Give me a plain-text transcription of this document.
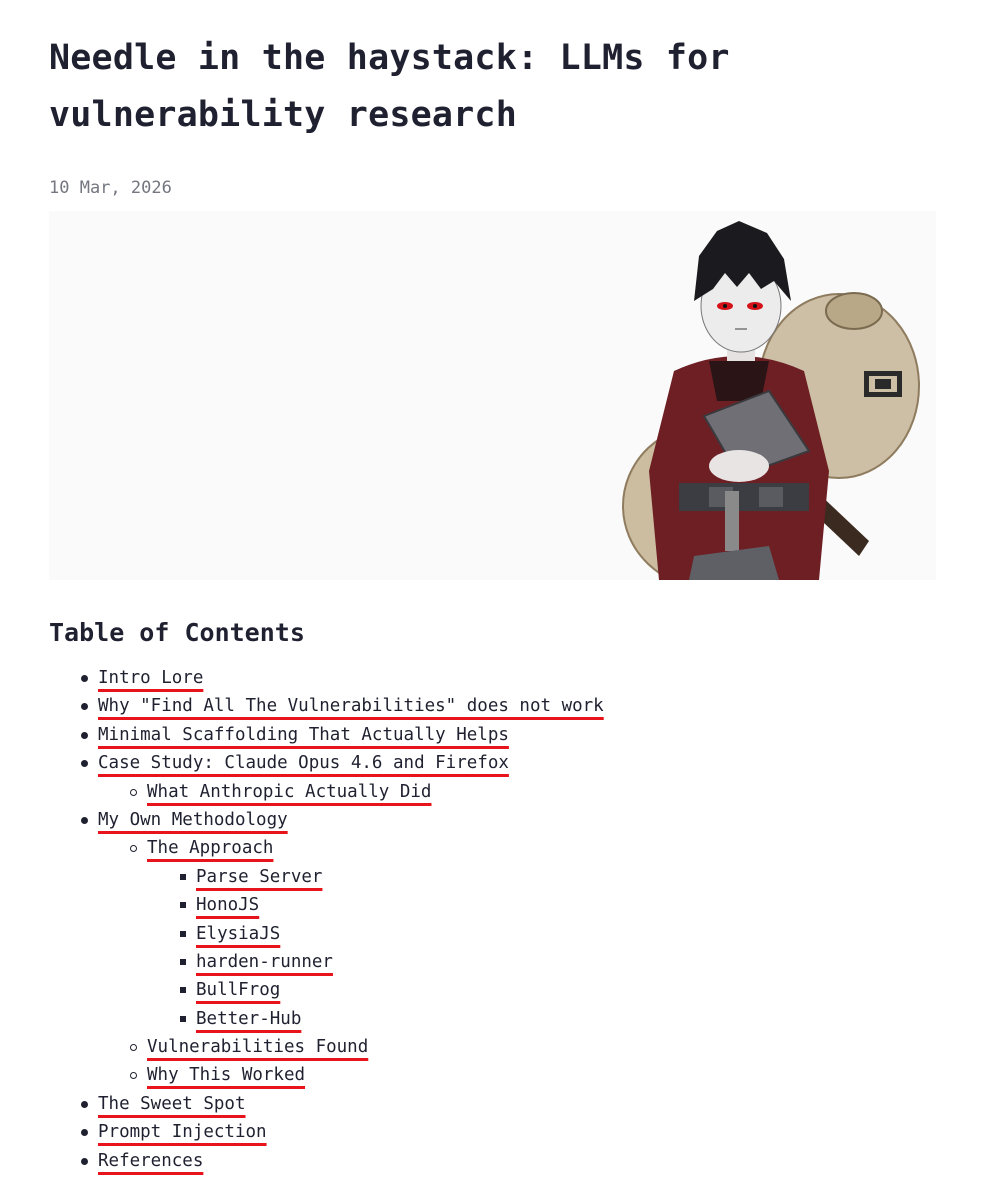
Needle in the haystack: LLMs for
vulnerability research
10 Mar, 2026
Table of Contents
Intro Lore
Why "Find All The Vulnerabilities" does not work
Minimal Scaffolding That Actually Helps
Case Study: Claude Opus 4.6 and Firefox
What Anthropic Actually Did
My Own Methodology
The Approach
Parse Server
HonoJS
ElysiaJS
harden-runner
BullFrog
Better-Hub
Vulnerabilities Found
Why This Worked
The Sweet Spot
Prompt Injection
References
